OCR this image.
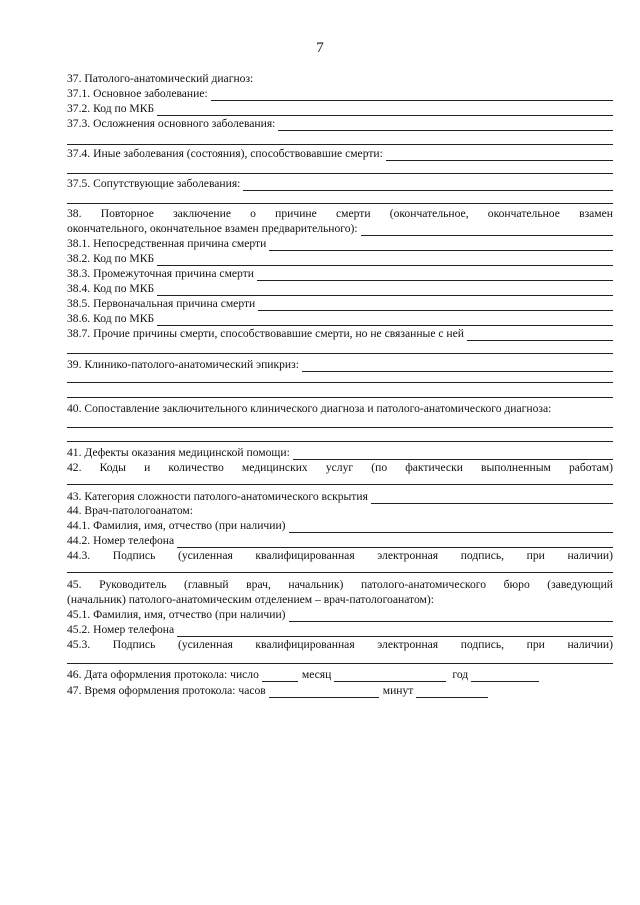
7
37. Патолого-анатомический диагноз:
37.1. Основное заболевание:
37.2. Код по МКБ
37.3. Осложнения основного заболевания:
37.4. Иные заболевания (состояния), способствовавшие смерти:
37.5. Сопутствующие заболевания:
38. Повторное заключение о причине смерти (окончательное, окончательное взамен
окончательного, окончательное взамен предварительного):
38.1. Непосредственная причина смерти
38.2. Код по МКБ
38.3. Промежуточная причина смерти
38.4. Код по МКБ
38.5. Первоначальная причина смерти
38.6. Код по МКБ
38.7. Прочие причины смерти, способствовавшие смерти, но не связанные с ней
39. Клинико-патолого-анатомический эпикриз:
40. Сопоставление заключительного клинического диагноза и патолого-анатомического диагноза:
41. Дефекты оказания медицинской помощи:
42. Коды и количество медицинских услуг (по фактически выполненным работам)
43. Категория сложности патолого-анатомического вскрытия
44. Врач-патологоанатом:
44.1. Фамилия, имя, отчество (при наличии)
44.2. Номер телефона
44.3. Подпись (усиленная квалифицированная электронная подпись, при наличии)
45. Руководитель (главный врач, начальник) патолого-анатомического бюро (заведующий
(начальник) патолого-анатомическим отделением – врач-патологоанатом):
45.1. Фамилия, имя, отчество (при наличии)
45.2. Номер телефона
45.3. Подпись (усиленная квалифицированная электронная подпись, при наличии)
46. Дата оформления протокола: число	месяц	год
47. Время оформления протокола: часов	минут
